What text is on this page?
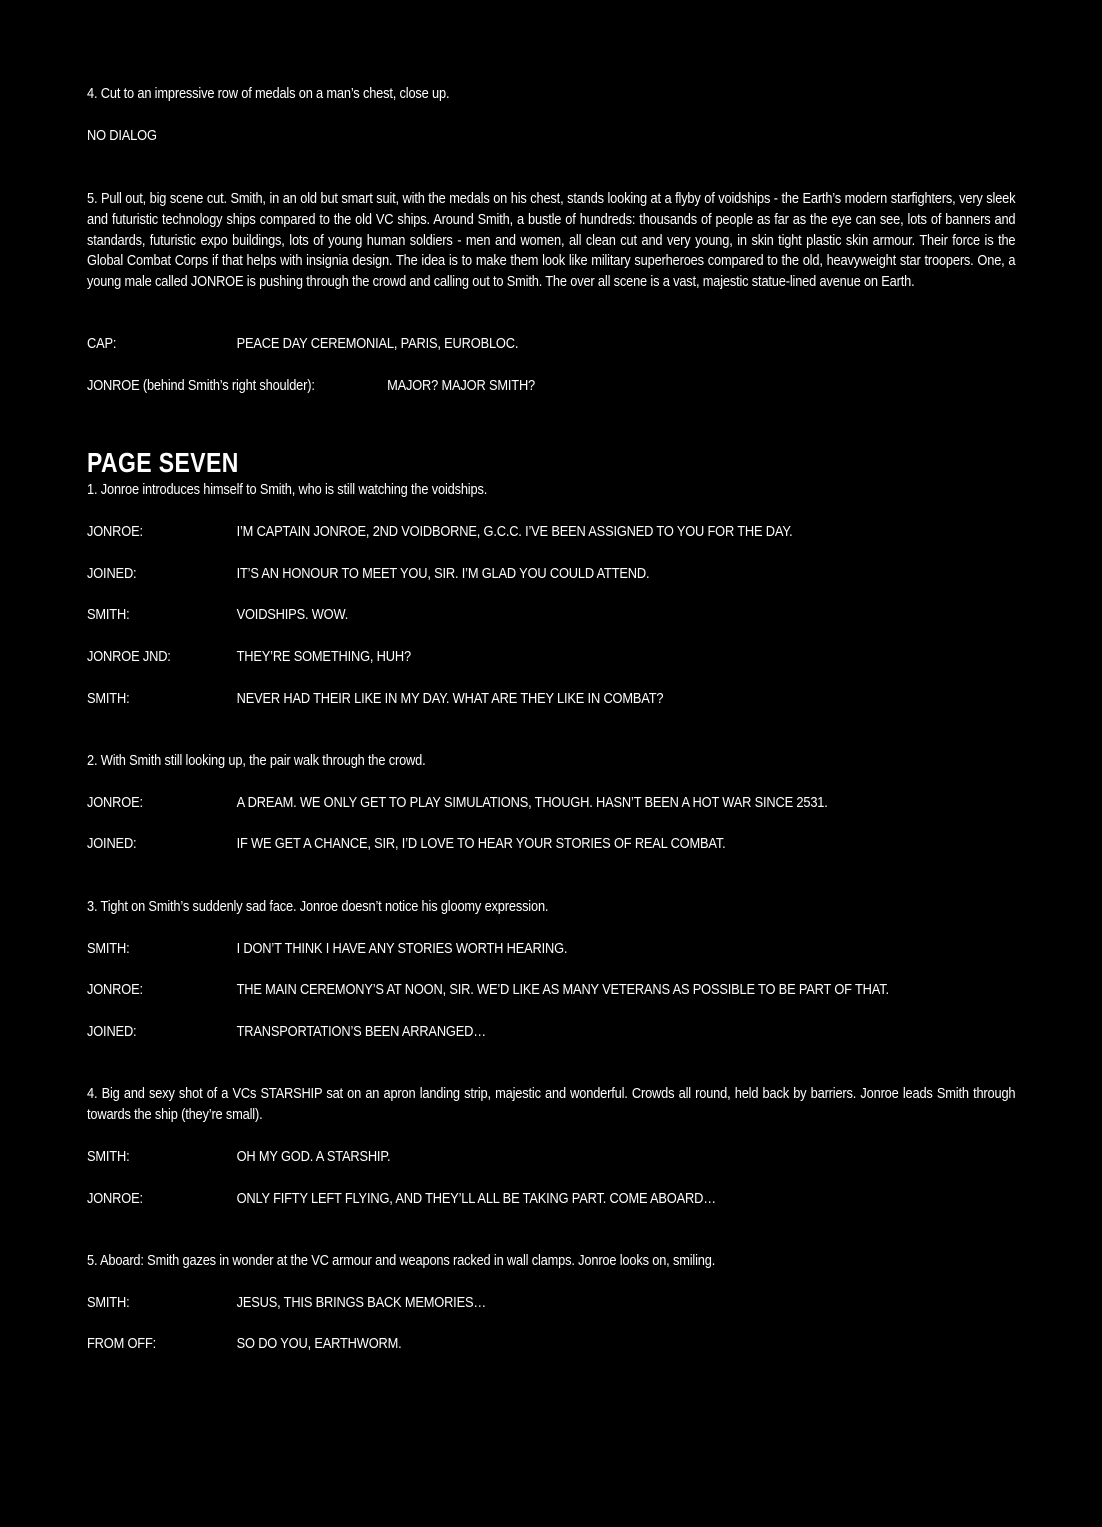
4. Cut to an impressive row of medals on a man’s chest, close up.
NO DIALOG
5. Pull out, big scene cut. Smith, in an old but smart suit, with the medals on his chest, stands looking at a flyby of voidships - the Earth’s modern starfighters, very sleek and futuristic technology ships compared to the old VC ships. Around Smith, a bustle of hundreds: thousands of people as far as the eye can see, lots of banners and standards, futuristic expo buildings, lots of young human soldiers - men and women, all clean cut and very young, in skin tight plastic skin armour. Their force is the Global Combat Corps if that helps with insignia design. The idea is to make them look like military superheroes compared to the old, heavyweight star troopers. One, a young male called JONROE is pushing through the crowd and calling out to Smith. The over all scene is a vast, majestic statue-lined avenue on Earth.
CAP:	PEACE DAY CEREMONIAL, PARIS, EUROBLOC.
JONROE (behind Smith’s right shoulder):	MAJOR? MAJOR SMITH?
PAGE SEVEN
1. Jonroe introduces himself to Smith, who is still watching the voidships.
JONROE:	I’M CAPTAIN JONROE, 2ND VOIDBORNE, G.C.C. I’VE BEEN ASSIGNED TO YOU FOR THE DAY.
JOINED:	IT’S AN HONOUR TO MEET YOU, SIR. I’M GLAD YOU COULD ATTEND.
SMITH:	VOIDSHIPS. WOW.
JONROE JND:	THEY’RE SOMETHING, HUH?
SMITH:	NEVER HAD THEIR LIKE IN MY DAY. WHAT ARE THEY LIKE IN COMBAT?
2. With Smith still looking up, the pair walk through the crowd.
JONROE:	A DREAM. WE ONLY GET TO PLAY SIMULATIONS, THOUGH. HASN’T BEEN A HOT WAR SINCE 2531.
JOINED:	IF WE GET A CHANCE, SIR, I’D LOVE TO HEAR YOUR STORIES OF REAL COMBAT.
3. Tight on Smith’s suddenly sad face. Jonroe doesn’t notice his gloomy expression.
SMITH:	I DON’T THINK I HAVE ANY STORIES WORTH HEARING.
JONROE:	THE MAIN CEREMONY’S AT NOON, SIR. WE’D LIKE AS MANY VETERANS AS POSSIBLE TO BE PART OF THAT.
JOINED:	TRANSPORTATION’S BEEN ARRANGED…
4. Big and sexy shot of a VCs STARSHIP sat on an apron landing strip, majestic and wonderful. Crowds all round, held back by barriers. Jonroe leads Smith through towards the ship (they’re small).
SMITH:	OH MY GOD. A STARSHIP.
JONROE:	ONLY FIFTY LEFT FLYING, AND THEY’LL ALL BE TAKING PART. COME ABOARD…
5. Aboard: Smith gazes in wonder at the VC armour and weapons racked in wall clamps. Jonroe looks on, smiling.
SMITH:	JESUS, THIS BRINGS BACK MEMORIES…
FROM OFF:	SO DO YOU, EARTHWORM.
